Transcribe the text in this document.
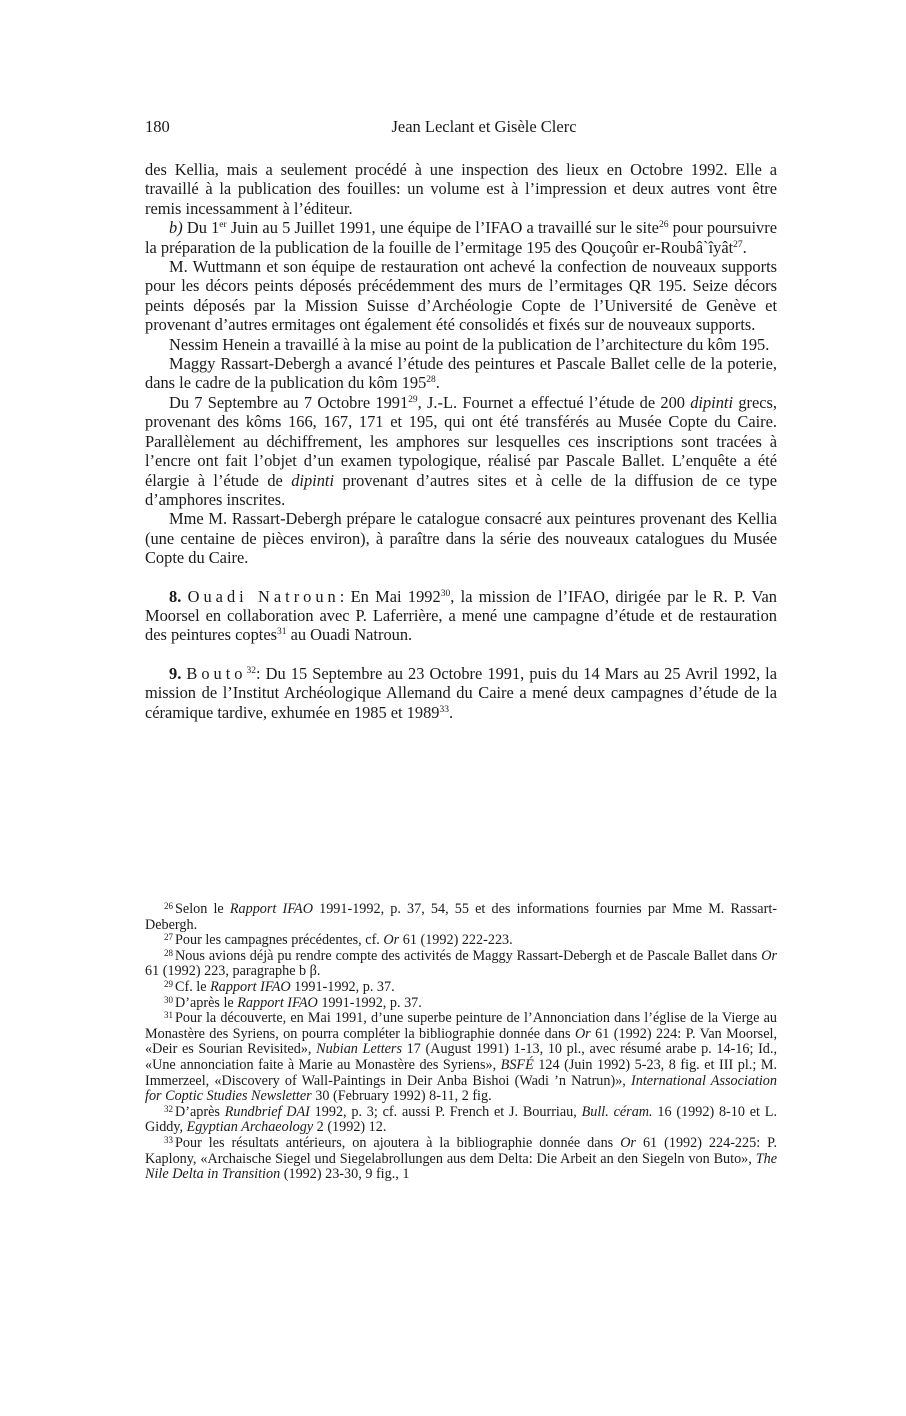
180	Jean Leclant et Gisèle Clerc

des Kellia, mais a seulement procédé à une inspection des lieux en Octobre 1992. Elle a travaillé à la publication des fouilles: un volume est à l’impression et deux autres vont être remis incessamment à l’éditeur.

b) Du 1er Juin au 5 Juillet 1991, une équipe de l’IFAO a travaillé sur le site$^{26}$ pour poursuivre la préparation de la publication de la fouille de l’ermitage 195 des Qouçoûr er-Roubâ`îyât$^{27}$.

M. Wuttmann et son équipe de restauration ont achevé la confection de nouveaux supports pour les décors peints déposés précédemment des murs de l’ermitages QR 195. Seize décors peints déposés par la Mission Suisse d’Archéologie Copte de l’Université de Genève et provenant d’autres ermitages ont également été consolidés et fixés sur de nouveaux supports.

Nessim Henein a travaillé à la mise au point de la publication de l’architecture du kôm 195.

Maggy Rassart-Debergh a avancé l’étude des peintures et Pascale Ballet celle de la poterie, dans le cadre de la publication du kôm $195^{28}$.

Du 7 Septembre au 7 Octobre 1991$^{29}$, J.-L. Fournet a effectué l’étude de 200 dipinti grecs, provenant des kôms 166, 167, 171 et 195, qui ont été transférés au Musée Copte du Caire. Parallèlement au déchiffrement, les amphores sur lesquelles ces inscriptions sont tracées à l’encre ont fait l’objet d’un examen typologique, réalisé par Pascale Ballet. L’enquête a été élargie à l’étude de dipinti provenant d’autres sites et à celle de la diffusion de ce type d’amphores inscrites.

Mme M. Rassart-Debergh prépare le catalogue consacré aux peintures provenant des Kellia (une centaine de pièces environ), à paraître dans la série des nouveaux catalogues du Musée Copte du Caire.

8. Ouadi Natroun: En Mai 1992$^{30}$, la mission de l’IFAO, dirigée par le R. P. Van Moorsel en collaboration avec P. Laferrière, a mené une campagne d’étude et de restauration des peintures coptes$^{31}$ au Ouadi Natroun.

9. Bouto$^{32}$: Du 15 Septembre au 23 Octobre 1991, puis du 14 Mars au 25 Avril 1992, la mission de l’Institut Archéologique Allemand du Caire a mené deux campagnes d’étude de la céramique tardive, exhumée en 1985 et 1989$^{33}$.

$^{26}$ Selon le Rapport IFAO 1991-1992, p. 37, 54, 55 et des informations fournies par Mme M. Rassart-Debergh.

$^{27}$ Pour les campagnes précédentes, cf. Or 61 (1992) 222-223.

$^{28}$ Nous avions déjà pu rendre compte des activités de Maggy Rassart-Debergh et de Pascale Ballet dans Or 61 (1992) 223, paragraphe b β.

$^{29}$ Cf. le Rapport IFAO 1991-1992, p. 37.

$^{30}$ D’après le Rapport IFAO 1991-1992, p. 37.

$^{31}$ Pour la découverte, en Mai 1991, d’une superbe peinture de l’Annonciation dans l’église de la Vierge au Monastère des Syriens, on pourra compléter la bibliographie donnée dans Or 61 (1992) 224: P. Van Moorsel, «Deir es Sourian Revisited», Nubian Letters 17 (August 1991) 1-13, 10 pl., avec résumé arabe p. 14-16; Id., «Une annonciation faite à Marie au Monastère des Syriens», BSFÉ 124 (Juin 1992) 5-23, 8 fig. et III pl.; M. Immerzeel, «Discovery of Wall-Paintings in Deir Anba Bishoi (Wadi ’n Natrun)», International Association for Coptic Studies Newsletter 30 (February 1992) 8-11, 2 fig.

$^{32}$ D’après Rundbrief DAI 1992, p. 3; cf. aussi P. French et J. Bourriau, Bull. céram. 16 (1992) 8-10 et L. Giddy, Egyptian Archaeology 2 (1992) 12.

$^{33}$ Pour les résultats antérieurs, on ajoutera à la bibliographie donnée dans Or 61 (1992) 224-225: P. Kaplony, «Archaische Siegel und Siegelabrollungen aus dem Delta: Die Arbeit an den Siegeln von Buto», The Nile Delta in Transition (1992) 23-30, 9 fig., 1
